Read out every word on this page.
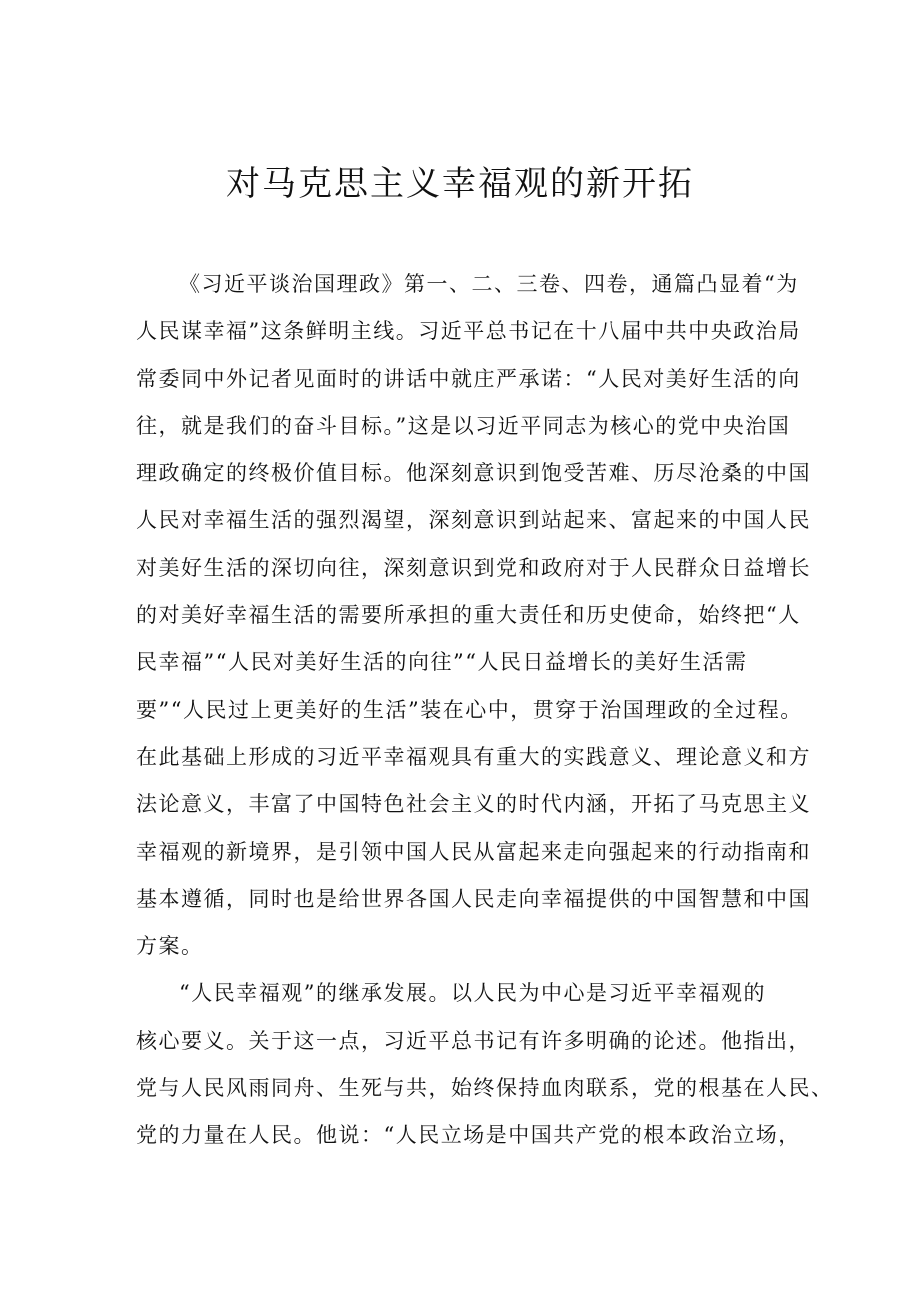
对马克思主义幸福观的新开拓
《习近平谈治国理政》第一、二、三卷、四卷，通篇凸显着“为
人民谋幸福”这条鲜明主线。习近平总书记在十八届中共中央政治局
常委同中外记者见面时的讲话中就庄严承诺：“人民对美好生活的向
往，就是我们的奋斗目标。”这是以习近平同志为核心的党中央治国
理政确定的终极价值目标。他深刻意识到饱受苦难、历尽沧桑的中国
人民对幸福生活的强烈渴望，深刻意识到站起来、富起来的中国人民
对美好生活的深切向往，深刻意识到党和政府对于人民群众日益增长
的对美好幸福生活的需要所承担的重大责任和历史使命，始终把“人
民幸福”“人民对美好生活的向往”“人民日益增长的美好生活需
要”“人民过上更美好的生活”装在心中，贯穿于治国理政的全过程。
在此基础上形成的习近平幸福观具有重大的实践意义、理论意义和方
法论意义，丰富了中国特色社会主义的时代内涵，开拓了马克思主义
幸福观的新境界，是引领中国人民从富起来走向强起来的行动指南和
基本遵循，同时也是给世界各国人民走向幸福提供的中国智慧和中国
方案。
“人民幸福观”的继承发展。以人民为中心是习近平幸福观的
核心要义。关于这一点，习近平总书记有许多明确的论述。他指出，
党与人民风雨同舟、生死与共，始终保持血肉联系，党的根基在人民、
党的力量在人民。他说：“人民立场是中国共产党的根本政治立场，
